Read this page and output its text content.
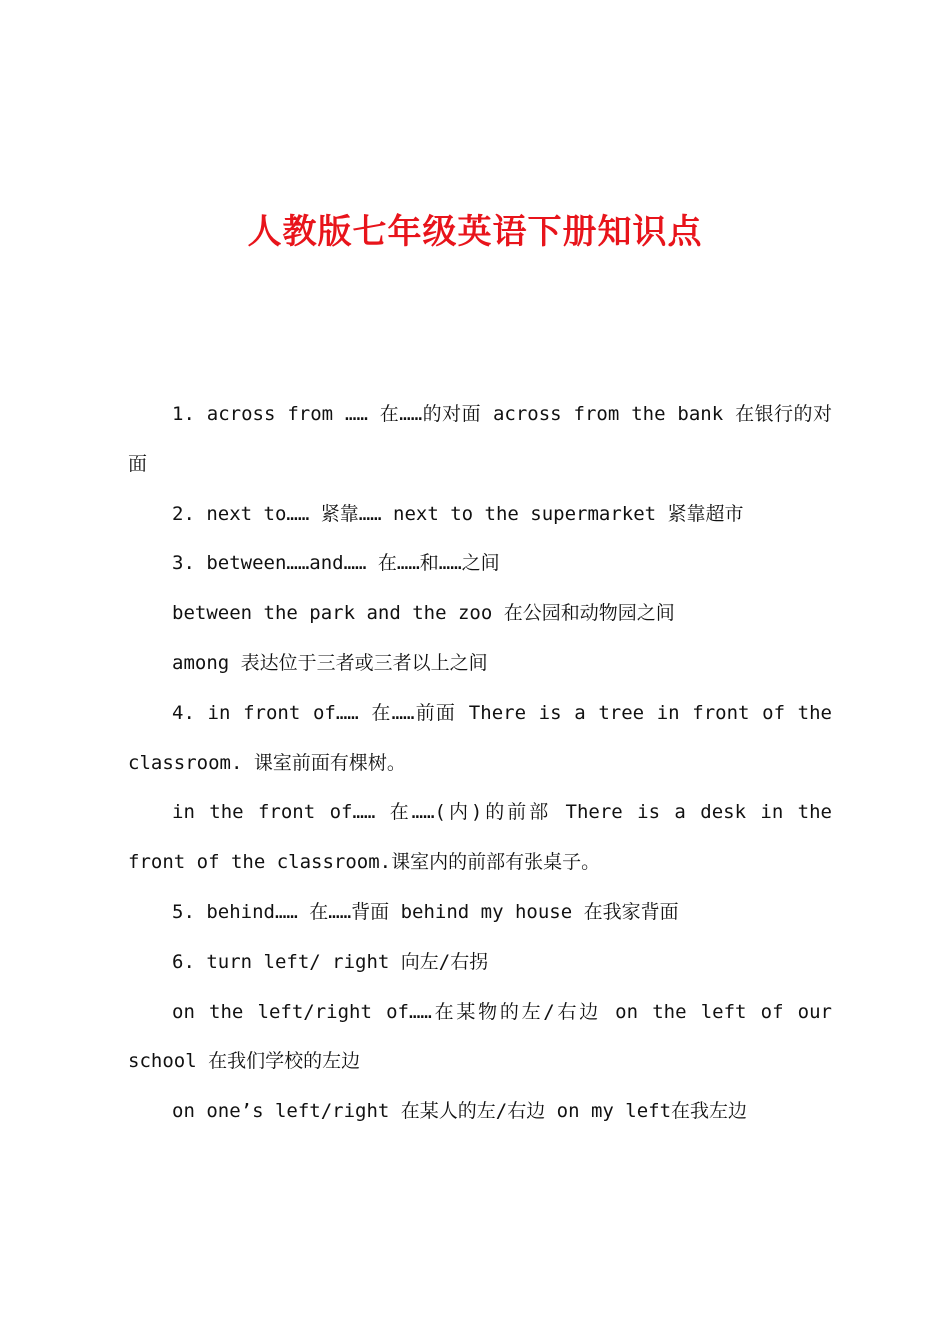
人教版七年级英语下册知识点

1. across from …… 在……的对面 across from the bank 在银行的对面

2. next to…… 紧靠…… next to the supermarket 紧靠超市

3. between……and…… 在……和……之间

between the park and the zoo 在公园和动物园之间

among 表达位于三者或三者以上之间

4. in front of…… 在……前面 There is a tree in front of the classroom. 课室前面有棵树。

in the front of…… 在……(内)的前部 There is a desk in the front of the classroom.课室内的前部有张桌子。

5. behind…… 在……背面 behind my house 在我家背面

6. turn left/ right 向左/右拐

on the left/right of……在某物的左/右边 on the left of our school 在我们学校的左边

on one’s left/right 在某人的左/右边 on my left在我左边
